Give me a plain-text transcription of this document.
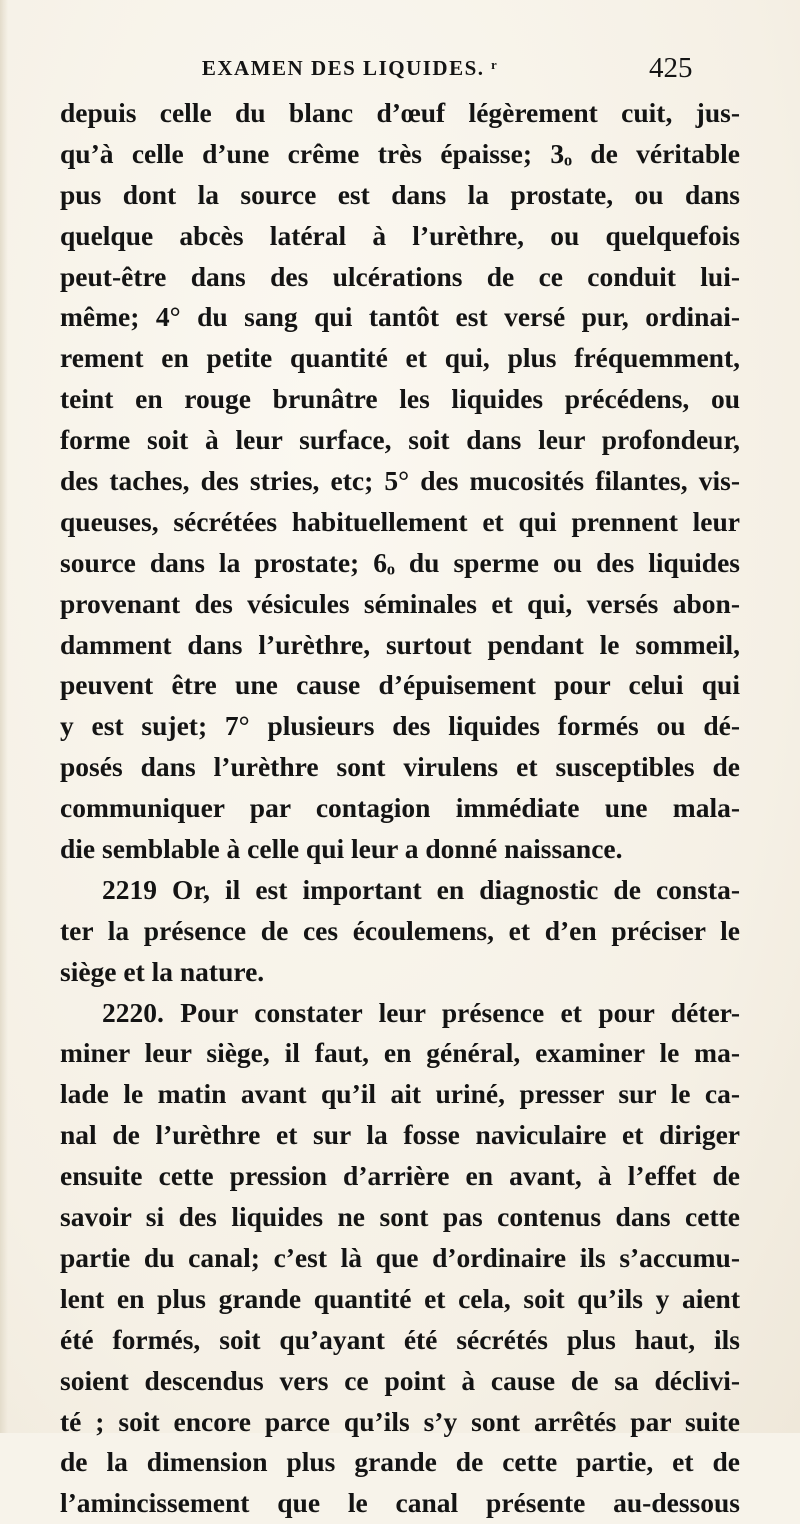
EXAMEN DES LIQUIDES. ʳ	425
depuis celle du blanc d’œuf légèrement cuit, jus-
qu’à celle d’une crême très épaisse; 3ₒ de véritable
pus dont la source est dans la prostate, ou dans
quelque abcès latéral à l’urèthre, ou quelquefois
peut-être dans des ulcérations de ce conduit lui-
même; 4° du sang qui tantôt est versé pur, ordinai-
rement en petite quantité et qui, plus fréquemment,
teint en rouge brunâtre les liquides précédens, ou
forme soit à leur surface, soit dans leur profondeur,
des taches, des stries, etc; 5° des mucosités filantes, vis-
queuses, sécrétées habituellement et qui prennent leur
source dans la prostate; 6ₒ du sperme ou des liquides
provenant des vésicules séminales et qui, versés abon-
damment dans l’urèthre, surtout pendant le sommeil,
peuvent être une cause d’épuisement pour celui qui
y est sujet; 7° plusieurs des liquides formés ou dé-
posés dans l’urèthre sont virulens et susceptibles de
communiquer par contagion immédiate une mala-
die semblable à celle qui leur a donné naissance.
2219 Or, il est important en diagnostic de consta-
ter la présence de ces écoulemens, et d’en préciser le
siège et la nature.
2220. Pour constater leur présence et pour déter-
miner leur siège, il faut, en général, examiner le ma-
lade le matin avant qu’il ait uriné, presser sur le ca-
nal de l’urèthre et sur la fosse naviculaire et diriger
ensuite cette pression d’arrière en avant, à l’effet de
savoir si des liquides ne sont pas contenus dans cette
partie du canal; c’est là que d’ordinaire ils s’accumu-
lent en plus grande quantité et cela, soit qu’ils y aient
été formés, soit qu’ayant été sécrétés plus haut, ils
soient descendus vers ce point à cause de sa déclivi-
té ; soit encore parce qu’ils s’y sont arrêtés par suite
de la dimension plus grande de cette partie, et de
l’amincissement que le canal présente au-dessous
